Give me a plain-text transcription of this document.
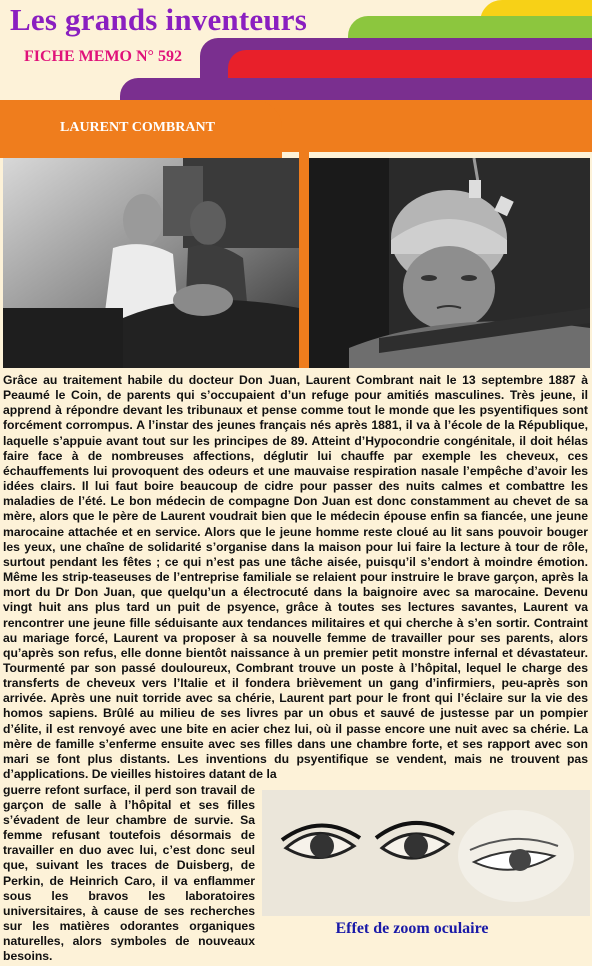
Les grands inventeurs
FICHE MEMO N° 592
LAURENT COMBRANT

Grâce au traitement habile du docteur Don Juan, Laurent Combrant nait le 13 septembre 1887 à Peaumé le Coin, de parents qui s’occupaient d’un refuge pour amitiés masculines. Très jeune, il apprend à répondre devant les tribunaux et pense comme tout le monde que les psyentifiques sont forcément corrompus. A l’instar des jeunes français nés après 1881, il va à l’école de la République, laquelle s’appuie avant tout sur les principes de 89. Atteint d’Hypocondrie congénitale, il doit hélas faire face à de nombreuses affections, déglutir lui chauffe par exemple les cheveux, ces échauffements lui provoquent des odeurs et une mauvaise respiration nasale l’empêche d’avoir les idées clairs. Il lui faut boire beaucoup de cidre pour passer des nuits calmes et combattre les maladies de l’été. Le bon médecin de compagne Don Juan est donc constamment au chevet de sa mère, alors que le père de Laurent voudrait bien que le médecin épouse enfin sa fiancée, une jeune marocaine attachée et en service. Alors que le jeune homme reste cloué au lit sans pouvoir bouger les yeux, une chaîne de solidarité s’organise dans la maison pour lui faire la lecture à tour de rôle, surtout pendant les fêtes ; ce qui n’est pas une tâche aisée, puisqu’il s’endort à moindre émotion. Même les strip-teaseuses de l’entreprise familiale se relaient pour instruire le brave garçon, après la mort du Dr Don Juan, que quelqu’un a électrocuté dans la baignoire avec sa marocaine. Devenu vingt huit ans plus tard un puit de psyence, grâce à toutes ses lectures savantes, Laurent va rencontrer une jeune fille séduisante aux tendances militaires et qui cherche à s’en sortir. Contraint au mariage forcé, Laurent va proposer à sa nouvelle femme de travailler pour ses parents, alors qu’après son refus, elle donne bientôt naissance à un premier petit monstre infernal et dévastateur. Tourmenté par son passé douloureux, Combrant trouve un poste à l’hôpital, lequel le charge des transferts de cheveux vers l’Italie et il fondera brièvement un gang d’infirmiers, peu-après son arrivée. Après une nuit torride avec sa chérie, Laurent part pour le front qui l’éclaire sur la vie des homos sapiens. Brûlé au milieu de ses livres par un obus et sauvé de justesse par un pompier d’élite, il est renvoyé avec une bite en acier chez lui, où il passe encore une nuit avec sa chérie. La mère de famille s’enferme ensuite avec ses filles dans une chambre forte, et ses rapport avec son mari se font plus distants. Les inventions du psyentifique se vendent, mais ne trouvent pas d’applications. De vieilles histoires datant de la

guerre refont surface, il perd son travail de garçon de salle à l’hôpital et ses filles s’évadent de leur chambre de survie. Sa femme refusant toutefois désormais de travailler en duo avec lui, c’est donc seul que, suivant les traces de Duisberg, de Perkin, de Heinrich Caro, il va enflammer sous les bravos les laboratoires universitaires, à cause de ses recherches sur les matières odorantes organiques naturelles, alors symboles de nouveaux besoins.

Effet de zoom oculaire
